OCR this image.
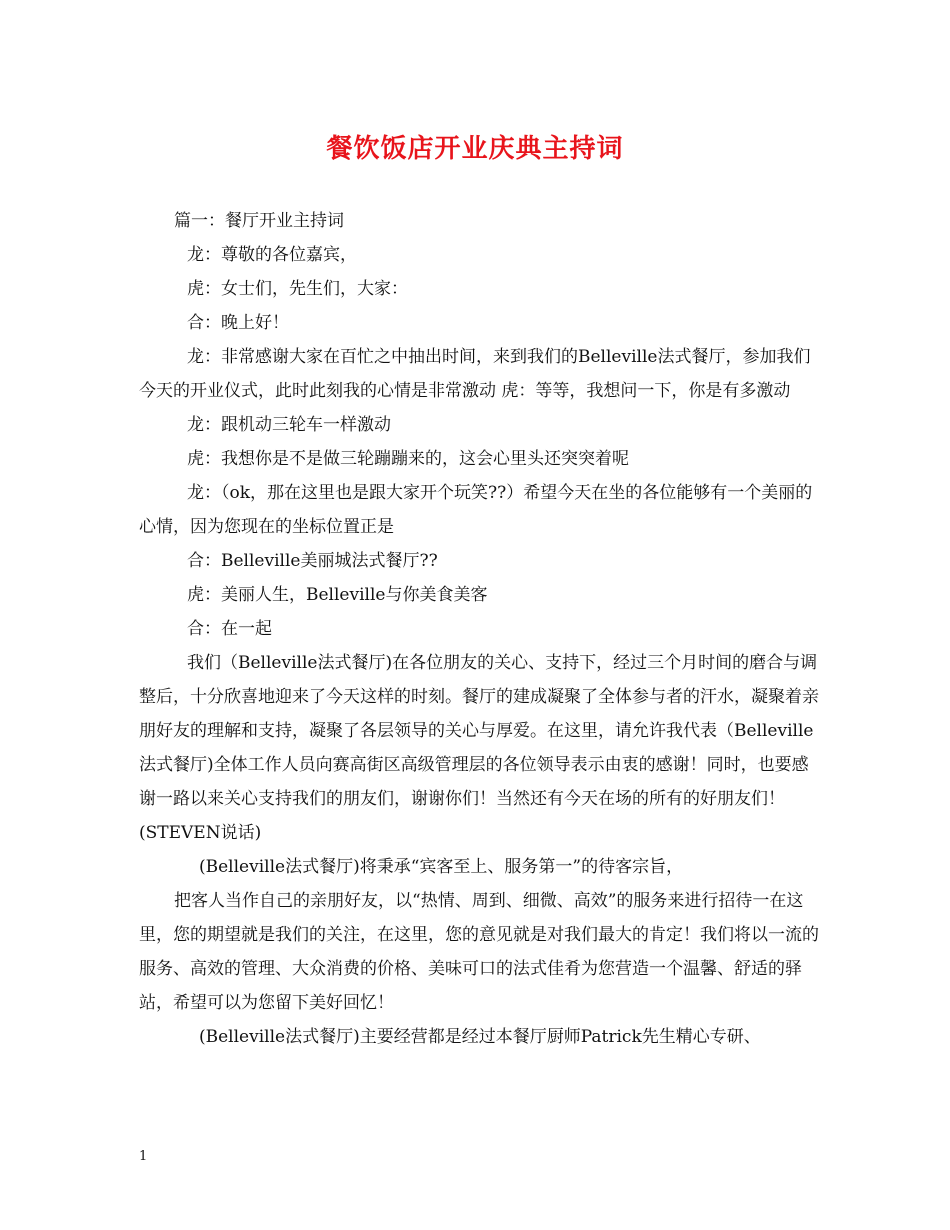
餐饮饭店开业庆典主持词

篇一：餐厅开业主持词

龙：尊敬的各位嘉宾，

虎：女士们，先生们，大家：

合：晚上好！

龙：非常感谢大家在百忙之中抽出时间，来到我们的Belleville法式餐厅，参加我们今天的开业仪式，此时此刻我的心情是非常激动 虎：等等，我想问一下，你是有多激动

龙：跟机动三轮车一样激动

虎：我想你是不是做三轮蹦蹦来的，这会心里头还突突着呢

龙：（ok，那在这里也是跟大家开个玩笑??）希望今天在坐的各位能够有一个美丽的心情，因为您现在的坐标位置正是

合：Belleville美丽城法式餐厅??

虎：美丽人生，Belleville与你美食美客

合：在一起

我们（Belleville法式餐厅)在各位朋友的关心、支持下，经过三个月时间的磨合与调整后，十分欣喜地迎来了今天这样的时刻。餐厅的建成凝聚了全体参与者的汗水，凝聚着亲朋好友的理解和支持，凝聚了各层领导的关心与厚爱。在这里，请允许我代表（Belleville法式餐厅)全体工作人员向赛高街区高级管理层的各位领导表示由衷的感谢！同时，也要感谢一路以来关心支持我们的朋友们，谢谢你们！当然还有今天在场的所有的好朋友们！(STEVEN说话)

(Belleville法式餐厅)将秉承“宾客至上、服务第一”的待客宗旨，

把客人当作自己的亲朋好友，以“热情、周到、细微、高效”的服务来进行招待一在这里，您的期望就是我们的关注，在这里，您的意见就是对我们最大的肯定！我们将以一流的服务、高效的管理、大众消费的价格、美味可口的法式佳肴为您营造一个温馨、舒适的驿站，希望可以为您留下美好回忆！

(Belleville法式餐厅)主要经营都是经过本餐厅厨师Patrick先生精心专研、

1
